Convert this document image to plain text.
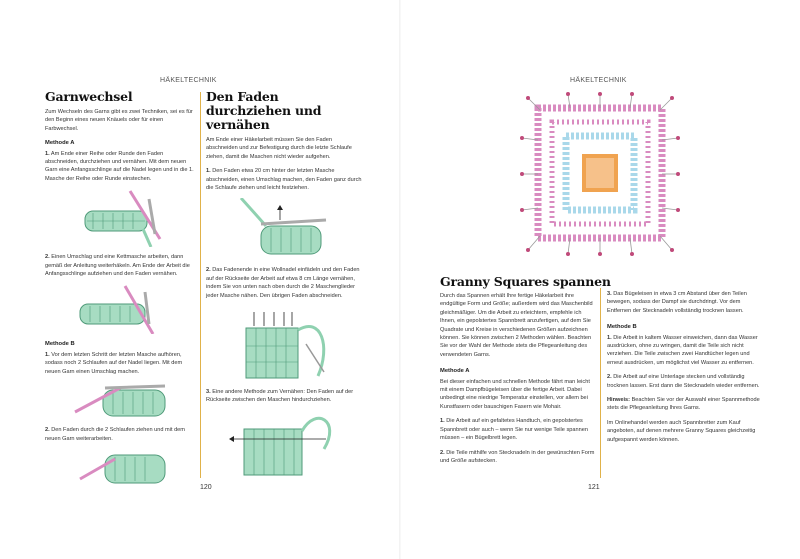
HÄKELTECHNIK
120
Garnwechsel

Zum Wechseln des Garns gibt es zwei Techniken, sei es für den Beginn eines neuen Knäuels oder für einen Farbwechsel.

Methode A

1. Am Ende einer Reihe oder Runde den Faden abschneiden, durchziehen und vernähen. Mit dem neuen Garn eine Anfangsschlinge auf die Nadel legen und in die 1. Masche der Reihe oder Runde einstechen.

2. Einen Umschlag und eine Kettmasche arbeiten, dann gemäß der Anleitung weiterhäkeln. Am Ende der Arbeit die Anfangsschlinge aufziehen und den Faden vernähen.

Methode B

1. Vor dem letzten Schritt der letzten Masche aufhören, sodass noch 2 Schlaufen auf der Nadel liegen. Mit dem neuen Garn einen Umschlag machen.

2. Den Faden durch die 2 Schlaufen ziehen und mit dem neuen Garn weiterarbeiten.

Den Faden durchziehen und vernähen

Am Ende einer Häkelarbeit müssen Sie den Faden abschneiden und zur Befestigung durch die letzte Schlaufe ziehen, damit die Maschen nicht wieder aufgehen.

1. Den Faden etwa 20 cm hinter der letzten Masche abschneiden, einen Umschlag machen, den Faden ganz durch die Schlaufe ziehen und leicht festziehen.

2. Das Fadenende in eine Wollnadel einfädeln und den Faden auf der Rückseite der Arbeit auf etwa 8 cm Länge vernähen, indem Sie von unten nach oben durch die 2 Maschenglieder jeder Masche nähen. Den übrigen Faden abschneiden.

3. Eine andere Methode zum Vernähen: Den Faden auf der Rückseite zwischen den Maschen hindurchziehen.

HÄKELTECHNIK
121
Granny Squares spannen

Durch das Spannen erhält Ihre fertige Häkelarbeit ihre endgültige Form und Größe; außerdem wird das Maschenbild gleichmäßiger. Um die Arbeit zu erleichtern, empfehle ich Ihnen, ein gepolstertes Spannbrett anzufertigen, auf dem Sie Quadrate und Kreise in verschiedenen Größen aufzeichnen können. Sie können zwischen 2 Methoden wählen. Beachten Sie vor der Wahl der Methode stets die Pflegeanleitung des verwendeten Garns.

Methode A

Bei dieser einfachen und schnellen Methode fährt man leicht mit einem Dampfbügeleisen über die fertige Arbeit. Dabei unbedingt eine niedrige Temperatur einstellen, vor allem bei Kunstfasern oder bauschigen Fasern wie Mohair.

1. Die Arbeit auf ein gefaltetes Handtuch, ein gepolstertes Spannbrett oder auch – wenn Sie nur wenige Teile spannen müssen – ein Bügelbrett legen.

2. Die Teile mithilfe von Stecknadeln in der gewünschten Form und Größe aufstecken.

3. Das Bügeleisen in etwa 3 cm Abstand über den Teilen bewegen, sodass der Dampf sie durchdringt. Vor dem Entfernen der Stecknadeln vollständig trocknen lassen.

Methode B

1. Die Arbeit in kaltem Wasser einweichen, dann das Wasser ausdrücken, ohne zu wringen, damit die Teile sich nicht verziehen. Die Teile zwischen zwei Handtücher legen und erneut ausdrücken, um möglichst viel Wasser zu entfernen.

2. Die Arbeit auf eine Unterlage stecken und vollständig trocknen lassen. Erst dann die Stecknadeln wieder entfernen.

Hinweis: Beachten Sie vor der Auswahl einer Spannmethode stets die Pflegeanleitung Ihres Garns.

Im Onlinehandel werden auch Spannbretter zum Kauf angeboten, auf denen mehrere Granny Squares gleichzeitig aufgespannt werden können.
